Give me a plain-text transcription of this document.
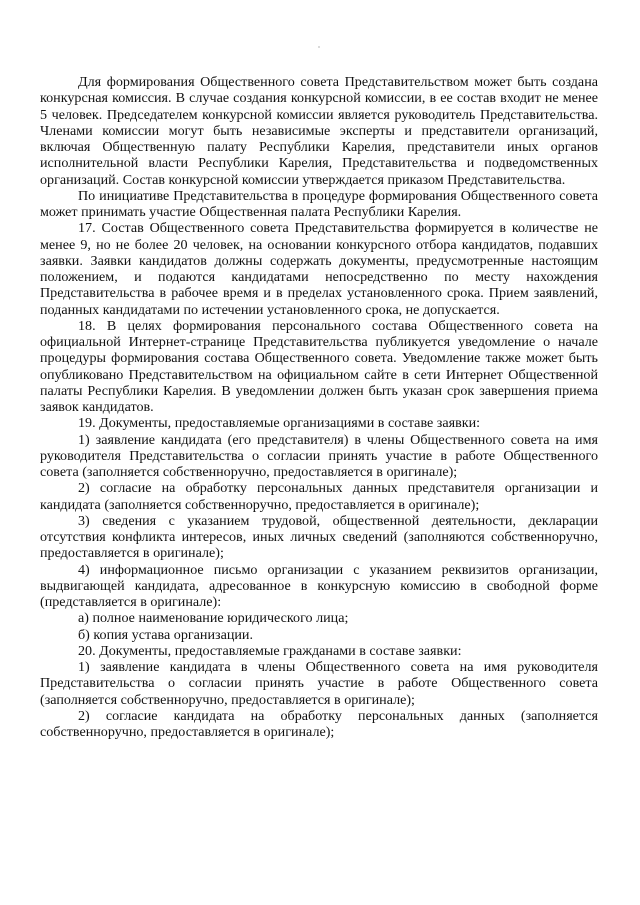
Для формирования Общественного совета Представительством может быть создана конкурсная комиссия. В случае создания конкурсной комиссии, в ее состав входит не менее 5 человек. Председателем конкурсной комиссии является руководитель Представительства. Членами комиссии могут быть независимые эксперты и представители организаций, включая Общественную палату Республики Карелия, представители иных органов исполнительной власти Республики Карелия, Представительства и подведомственных организаций. Состав конкурсной комиссии утверждается приказом Представительства.

По инициативе Представительства в процедуре формирования Общественного совета может принимать участие Общественная палата Республики Карелия.

17. Состав Общественного совета Представительства формируется в количестве не менее 9, но не более 20 человек, на основании конкурсного отбора кандидатов, подавших заявки. Заявки кандидатов должны содержать документы, предусмотренные настоящим положением, и подаются кандидатами непосредственно по месту нахождения Представительства в рабочее время и в пределах установленного срока. Прием заявлений, поданных кандидатами по истечении установленного срока, не допускается.

18. В целях формирования персонального состава Общественного совета на официальной Интернет-странице Представительства публикуется уведомление о начале процедуры формирования состава Общественного совета. Уведомление также может быть опубликовано Представительством на официальном сайте в сети Интернет Общественной палаты Республики Карелия. В уведомлении должен быть указан срок завершения приема заявок кандидатов.

19. Документы, предоставляемые организациями в составе заявки:

1) заявление кандидата (его представителя) в члены Общественного совета на имя руководителя Представительства о согласии принять участие в работе Общественного совета (заполняется собственноручно, предоставляется в оригинале);

2) согласие на обработку персональных данных представителя организации и кандидата (заполняется собственноручно, предоставляется в оригинале);

3) сведения с указанием трудовой, общественной деятельности, декларации отсутствия конфликта интересов, иных личных сведений (заполняются собственноручно, предоставляется в оригинале);

4) информационное письмо организации с указанием реквизитов организации, выдвигающей кандидата, адресованное в конкурсную комиссию в свободной форме (представляется в оригинале):

а) полное наименование юридического лица;

б) копия устава организации.

20. Документы, предоставляемые гражданами в составе заявки:

1) заявление кандидата в члены Общественного совета на имя руководителя Представительства о согласии принять участие в работе Общественного совета (заполняется собственноручно, предоставляется в оригинале);

2) согласие кандидата на обработку персональных данных (заполняется собственноручно, предоставляется в оригинале);
